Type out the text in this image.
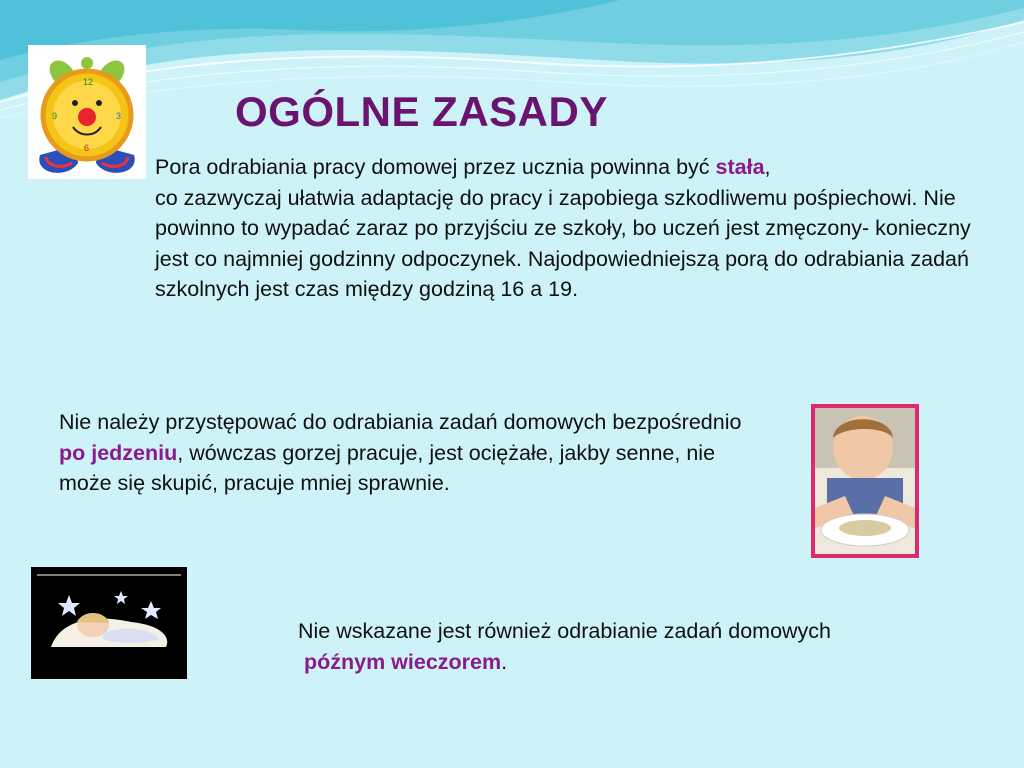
12
3
6
9	OGÓLNE ZASADY
Pora odrabiania pracy domowej przez ucznia powinna być stała,
co zazwyczaj ułatwia adaptację do pracy i zapobiega szkodliwemu pośpiechowi. Nie powinno to wypadać zaraz po przyjściu ze szkoły, bo uczeń jest zmęczony- konieczny jest co najmniej godzinny odpoczynek. Najodpowiedniejszą porą do odrabiania zadań szkolnych jest czas między godziną 16 a 19.
Nie należy przystępować do odrabiania zadań domowych bezpośrednio po jedzeniu, wówczas gorzej pracuje, jest ociężałe, jakby senne, nie może się skupić, pracuje mniej sprawnie.
Nie wskazane jest również odrabianie zadań domowych
późnym wieczorem.
